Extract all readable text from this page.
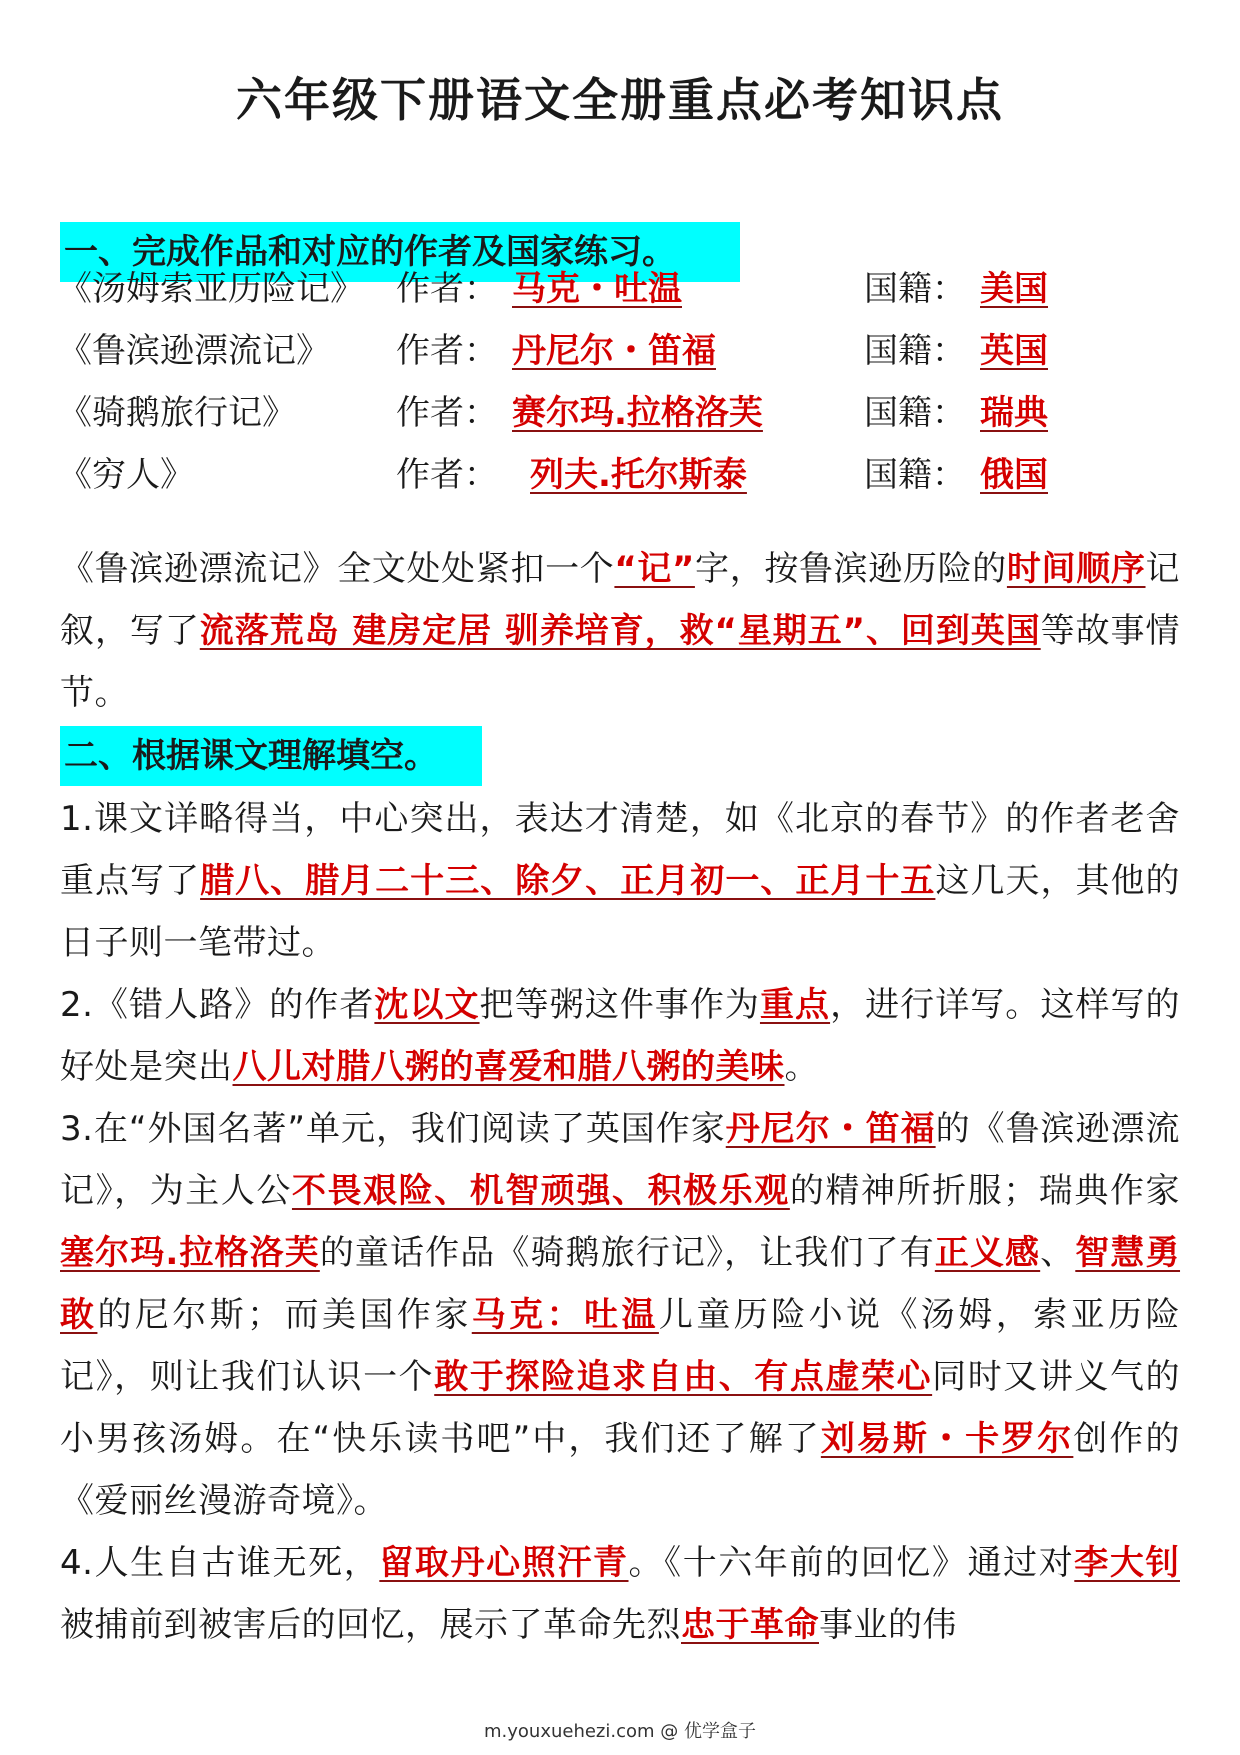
六年级下册语文全册重点必考知识点
一、完成作品和对应的作者及国家练习。
《汤姆索亚历险记》 作者： 马克・吐温	国籍： 美国
《鲁滨逊漂流记》 作者： 丹尼尔・笛福	国籍： 英国
《骑鹅旅行记》	作者： 赛尔玛.拉格洛芙	国籍： 瑞典
《穷人》	作者： 列夫.托尔斯泰	国籍： 俄国
《鲁滨逊漂流记》全文处处紧扣一个“记”字，按鲁滨逊历险的时间顺序记叙，写了流落荒岛 建房定居 驯养培育，救“星期五”、回到英国等故事情节。
二、根据课文理解填空。
1.课文详略得当，中心突出，表达才清楚，如《北京的春节》的作者老舍重点写了腊八、腊月二十三、除夕、正月初一、正月十五这几天，其他的日子则一笔带过。
2.《错人路》的作者沈以文把等粥这件事作为重点，进行详写。这样写的好处是突出八儿对腊八粥的喜爱和腊八粥的美味。
3.在“外国名著”单元，我们阅读了英国作家丹尼尔・笛福的《鲁滨逊漂流记》，为主人公不畏艰险、机智顽强、积极乐观的精神所折服；瑞典作家塞尔玛.拉格洛芙的童话作品《骑鹅旅行记》，让我们了有正义感、智慧勇敢的尼尔斯；而美国作家马克：吐温儿童历险小说《汤姆，索亚历险记》，则让我们认识一个敢于探险追求自由、有点虚荣心同时又讲义气的小男孩汤姆。在“快乐读书吧”中，我们还了解了刘易斯・卡罗尔创作的《爱丽丝漫游奇境》。
4.人生自古谁无死，留取丹心照汗青。《十六年前的回忆》通过对李大钊被捕前到被害后的回忆，展示了革命先烈忠于革命事业的伟
m.youxuehezi.com @ 优学盒子
